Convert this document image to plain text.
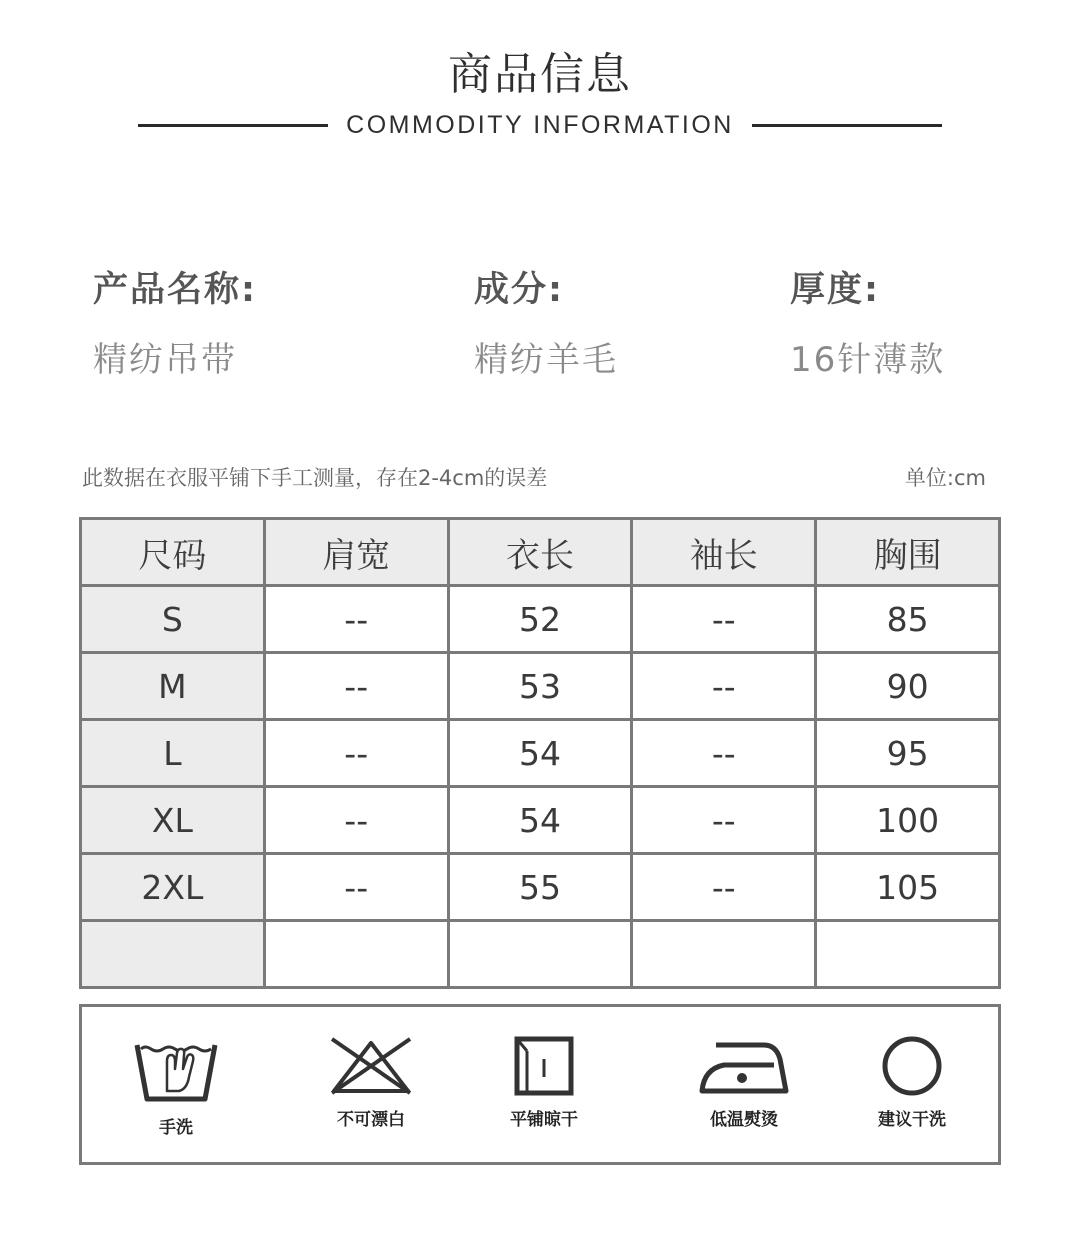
商品信息
COMMODITY INFORMATION
产品名称:
精纺吊带
成分:
精纺羊毛
厚度:
16针薄款
此数据在衣服平铺下手工测量，存在2-4cm的误差	单位:cm
尺码	肩宽	衣长	袖长	胸围
S	--	52	--	85
M	--	53	--	90
L	--	54	--	95
XL	--	54	--	100
2XL	--	55	--	105

手洗	不可漂白	平铺晾干	低温熨烫	建议干洗
